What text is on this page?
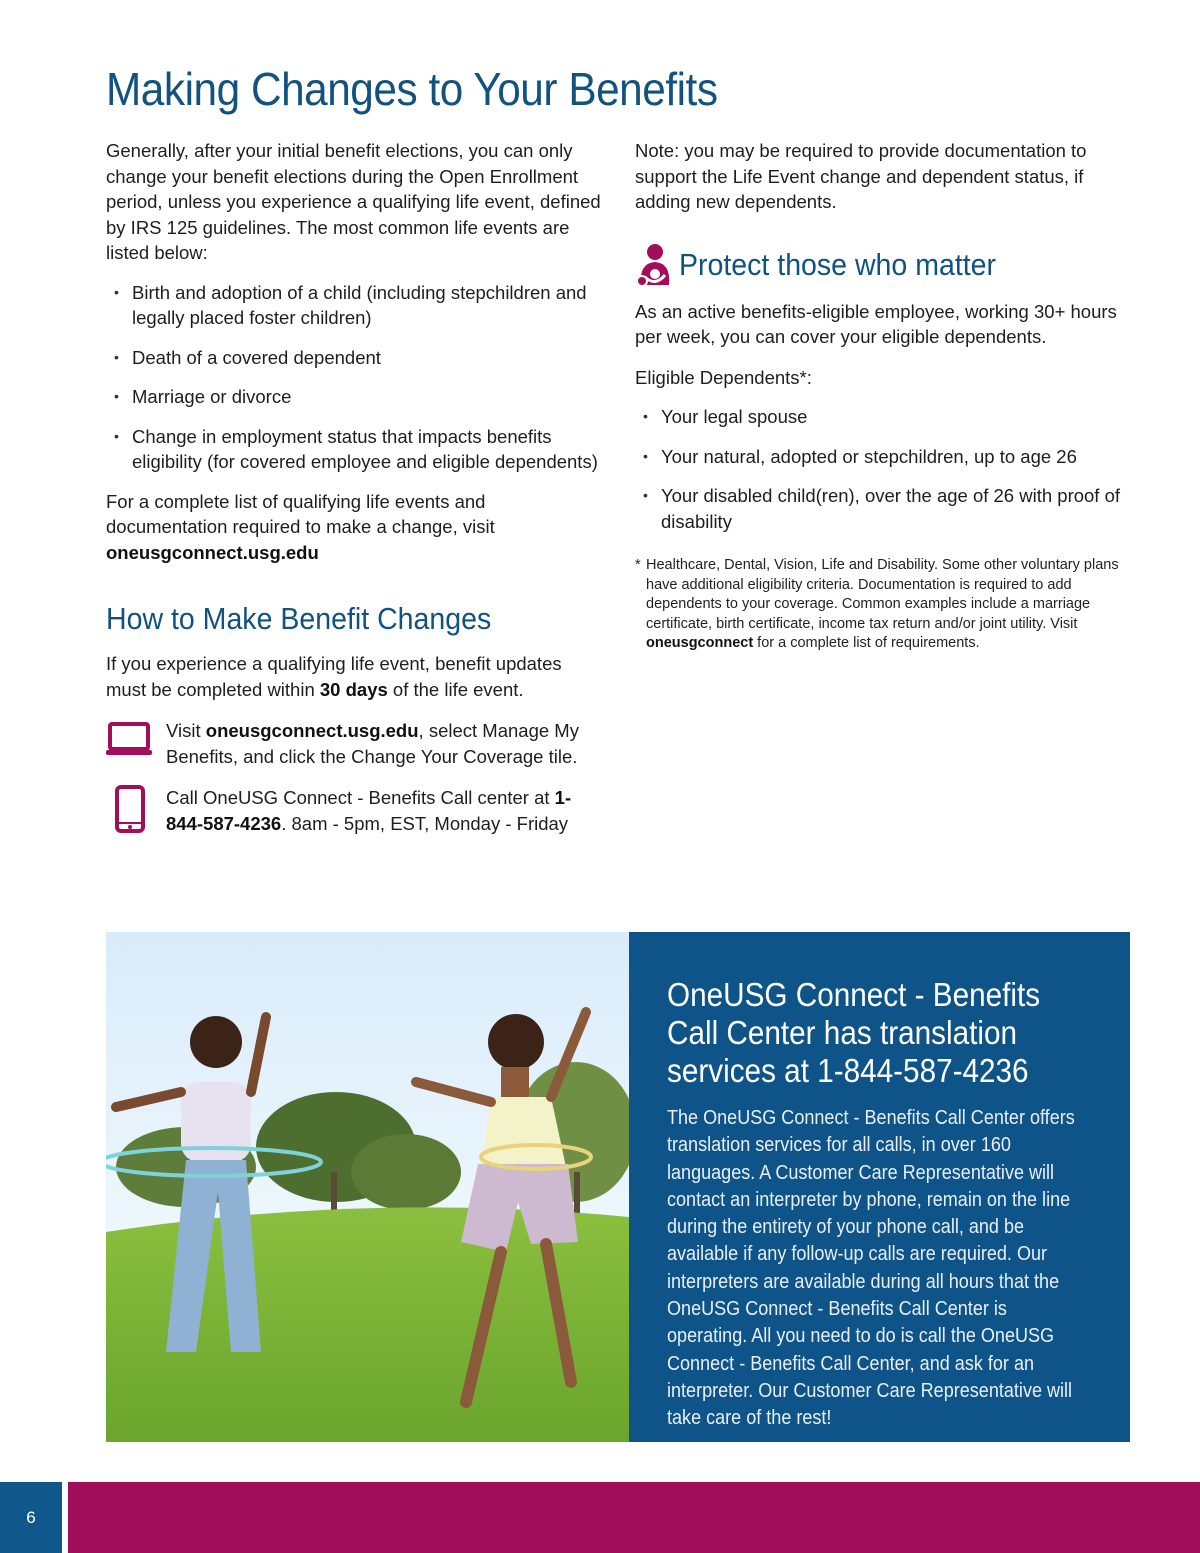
Making Changes to Your Benefits

Generally, after your initial benefit elections, you can only change your benefit elections during the Open Enrollment period, unless you experience a qualifying life event, defined by IRS 125 guidelines. The most common life events are listed below:

• Birth and adoption of a child (including stepchildren and legally placed foster children)
• Death of a covered dependent
• Marriage or divorce
• Change in employment status that impacts benefits eligibility (for covered employee and eligible dependents)

For a complete list of qualifying life events and documentation required to make a change, visit oneusgconnect.usg.edu

How to Make Benefit Changes

If you experience a qualifying life event, benefit updates must be completed within 30 days of the life event.

Visit oneusgconnect.usg.edu, select Manage My Benefits, and click the Change Your Coverage tile.

Call OneUSG Connect - Benefits Call center at 1-844-587-4236. 8am - 5pm, EST, Monday - Friday

Note: you may be required to provide documentation to support the Life Event change and dependent status, if adding new dependents.

Protect those who matter

As an active benefits-eligible employee, working 30+ hours per week, you can cover your eligible dependents.

Eligible Dependents*:

• Your legal spouse
• Your natural, adopted or stepchildren, up to age 26
• Your disabled child(ren), over the age of 26 with proof of disability

* Healthcare, Dental, Vision, Life and Disability. Some other voluntary plans have additional eligibility criteria. Documentation is required to add dependents to your coverage. Common examples include a marriage certificate, birth certificate, income tax return and/or joint utility. Visit oneusgconnect for a complete list of requirements.

OneUSG Connect - Benefits Call Center has translation services at 1-844-587-4236

The OneUSG Connect - Benefits Call Center offers translation services for all calls, in over 160 languages. A Customer Care Representative will contact an interpreter by phone, remain on the line during the entirety of your phone call, and be available if any follow-up calls are required. Our interpreters are available during all hours that the OneUSG Connect - Benefits Call Center is operating. All you need to do is call the OneUSG Connect - Benefits Call Center, and ask for an interpreter. Our Customer Care Representative will take care of the rest!

6
